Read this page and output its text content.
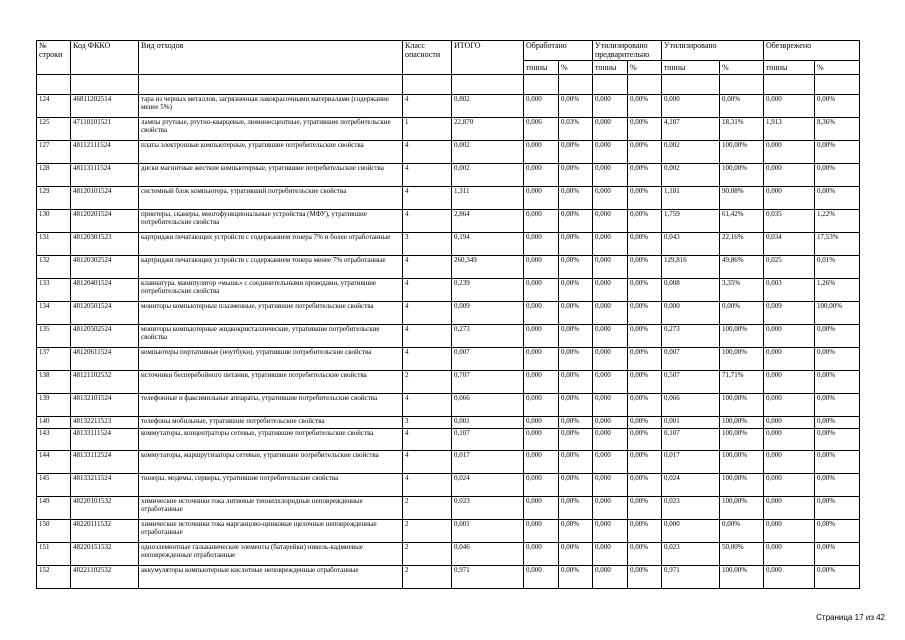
№ строки	Код ФККО	Вид отходов	Класс опасности	ИТОГО	Обработано		Утилизировано предварительно		Утилизировано		Обезврежено	
					тонны	%	тонны	%	тонны	%	тонны	%

124	46811202514	тара из черных металлов, загрязненная лакокрасочными материалами (содержание менее 5%)	4	0,802	0,000	0,00%	0,000	0,00%	0,000	0,00%	0,000	0,00%
125	47110101521	лампы ртутные, ртутно-кварцевые, люминесцентные, утратившие потребительские свойства	1	22,870	0,006	0,03%	0,000	0,00%	4,187	18,31%	1,913	8,36%
127	48112111524	платы электронные компьютерные, утратившие потребительские свойства	4	0,002	0,000	0,00%	0,000	0,00%	0,002	100,00%	0,000	0,00%
128	48113111524	диски магнитные жесткие компьютерные, утратившие потребительские свойства	4	0,002	0,000	0,00%	0,000	0,00%	0,002	100,00%	0,000	0,00%
129	48120101524	системный блок компьютера, утративший потребительские свойства	4	1,311	0,000	0,00%	0,000	0,00%	1,181	90,08%	0,000	0,00%
130	48120201524	принтеры, сканеры, многофункциональные устройства (МФУ), утратившие потребительские свойства	4	2,864	0,000	0,00%	0,000	0,00%	1,759	61,42%	0,035	1,22%
131	48120301523	картриджи печатающих устройств с содержанием тонера 7% и более отработанные	3	0,194	0,000	0,00%	0,000	0,00%	0,043	22,16%	0,034	17,53%
132	48120302524	картриджи печатающих устройств с содержанием тонера менее 7% отработанные	4	260,349	0,000	0,00%	0,000	0,00%	129,816	49,86%	0,025	0,01%
133	48120401524	клавиатура, манипулятор «мышь» с соединительными проводами, утратившие потребительские свойства	4	0,239	0,000	0,00%	0,000	0,00%	0,008	3,35%	0,003	1,26%
134	48120501524	мониторы компьютерные плазменные, утратившие потребительские свойства	4	0,009	0,000	0,00%	0,000	0,00%	0,000	0,00%	0,009	100,00%
135	48120502524	мониторы компьютерные жидкокристаллические, утратившие потребительские свойства	4	0,273	0,000	0,00%	0,000	0,00%	0,273	100,00%	0,000	0,00%
137	48120611524	компьютеры портативные (ноутбуки), утратившие потребительские свойства	4	0,007	0,000	0,00%	0,000	0,00%	0,007	100,00%	0,000	0,00%
138	48121102532	источники бесперебойного питания, утратившие потребительские свойства	2	0,707	0,000	0,00%	0,000	0,00%	0,507	71,71%	0,000	0,00%
139	48132101524	телефонные и факсимильные аппараты, утратившие потребительские свойства	4	0,066	0,000	0,00%	0,000	0,00%	0,066	100,00%	0,000	0,00%
140	48132211523	телефоны мобильные, утратившие потребительские свойства	3	0,001	0,000	0,00%	0,000	0,00%	0,001	100,00%	0,000	0,00%
143	48133111524	коммутаторы, концентраторы сетевые, утратившие потребительские свойства	4	0,107	0,000	0,00%	0,000	0,00%	0,107	100,00%	0,000	0,00%
144	48133112524	коммутаторы, маршрутизаторы сетевые, утратившие потребительские свойства	4	0,017	0,000	0,00%	0,000	0,00%	0,017	100,00%	0,000	0,00%
145	48133211524	тюнеры, модемы, серверы, утратившие потребительские свойства	4	0,024	0,000	0,00%	0,000	0,00%	0,024	100,00%	0,000	0,00%
149	48220101532	химические источники тока литиевые тионилхлоридные неповрежденные отработанные	2	0,023	0,000	0,00%	0,000	0,00%	0,023	100,00%	0,000	0,00%
150	48220111532	химические источники тока марганцово-цинковые щелочные неповрежденные отработанные	2	0,001	0,000	0,00%	0,000	0,00%	0,000	0,00%	0,000	0,00%
151	48220151532	одноэлементные гальванические элементы (батарейки) никель-кадмиевые неповрежденные отработанные	2	0,046	0,000	0,00%	0,000	0,00%	0,023	50,00%	0,000	0,00%
152	48221102532	аккумуляторы компьютерные кислотные неповрежденные отработанные	2	0,971	0,000	0,00%	0,000	0,00%	0,971	100,00%	0,000	0,00%
Страница 17 из 42
